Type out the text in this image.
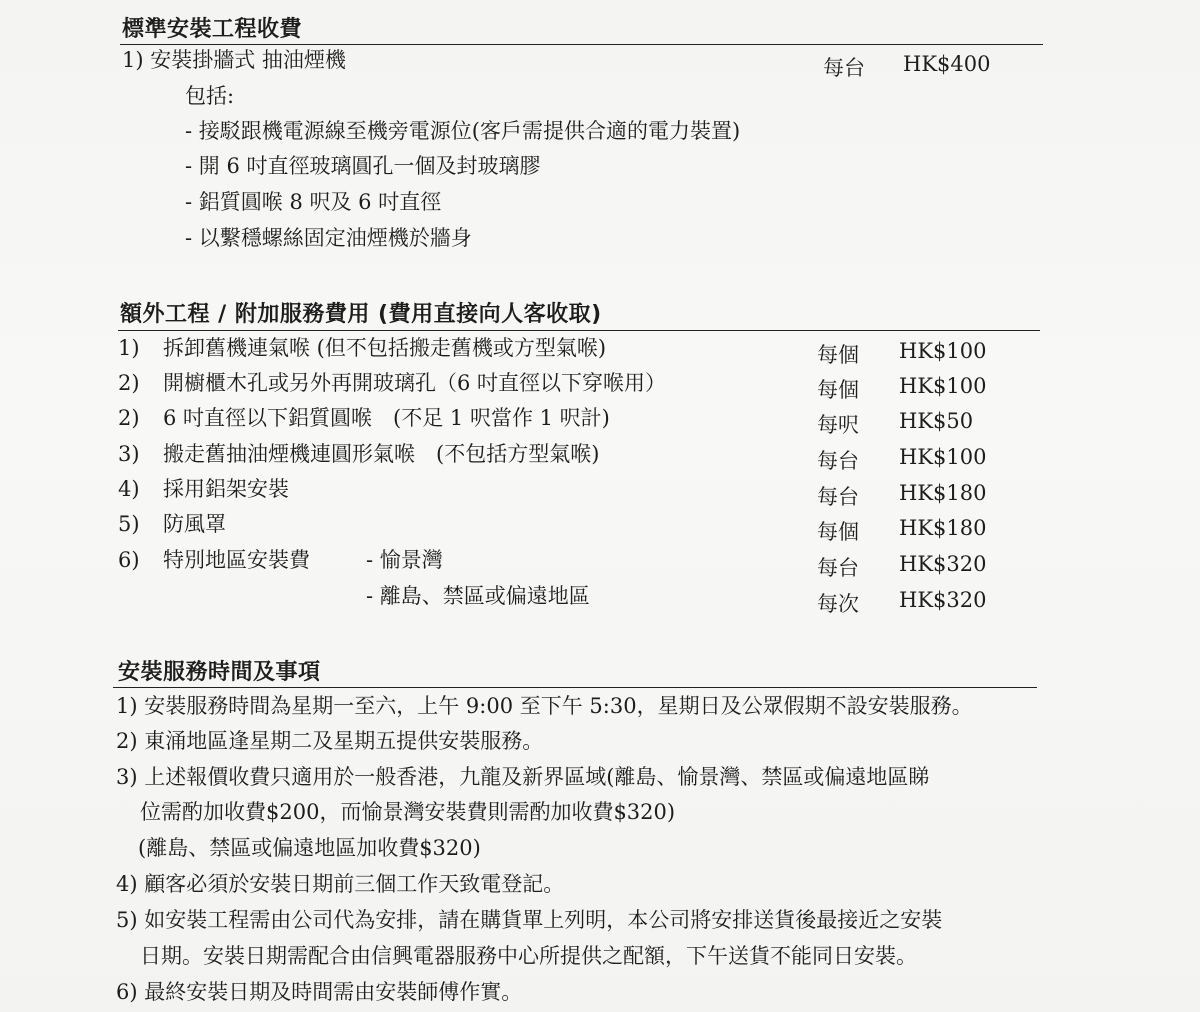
標準安裝工程收費
1) 安裝掛牆式 抽油煙機	每台 HK$400
包括:
- 接駁跟機電源線至機旁電源位(客戶需提供合適的電力裝置)
- 開 6 吋直徑玻璃圓孔一個及封玻璃膠
- 鋁質圓喉 8 呎及 6 吋直徑
- 以繫穩螺絲固定油煙機於牆身
額外工程 / 附加服務費用 (費用直接向人客收取)
1) 拆卸舊機連氣喉 (但不包括搬走舊機或方型氣喉)	每個 HK$100
2) 開櫥櫃木孔或另外再開玻璃孔（6 吋直徑以下穿喉用）	每個 HK$100
2) 6 吋直徑以下鋁質圓喉　(不足 1 呎當作 1 呎計)	每呎 HK$50
3) 搬走舊抽油煙機連圓形氣喉　(不包括方型氣喉)	每台 HK$100
4) 採用鋁架安裝	每台 HK$180
5) 防風罩	每個 HK$180
6) 特別地區安裝費	- 愉景灣	每台 HK$320
- 離島、禁區或偏遠地區	每次 HK$320
安裝服務時間及事項
1) 安裝服務時間為星期一至六，上午 9:00 至下午 5:30，星期日及公眾假期不設安裝服務。
2) 東涌地區逢星期二及星期五提供安裝服務。
3) 上述報價收費只適用於一般香港，九龍及新界區域(離島、愉景灣、禁區或偏遠地區睇
位需酌加收費$200，而愉景灣安裝費則需酌加收費$320)
(離島、禁區或偏遠地區加收費$320)
4) 顧客必須於安裝日期前三個工作天致電登記。
5) 如安裝工程需由公司代為安排，請在購貨單上列明，本公司將安排送貨後最接近之安裝
日期。安裝日期需配合由信興電器服務中心所提供之配額，下午送貨不能同日安裝。
6) 最終安裝日期及時間需由安裝師傅作實。
